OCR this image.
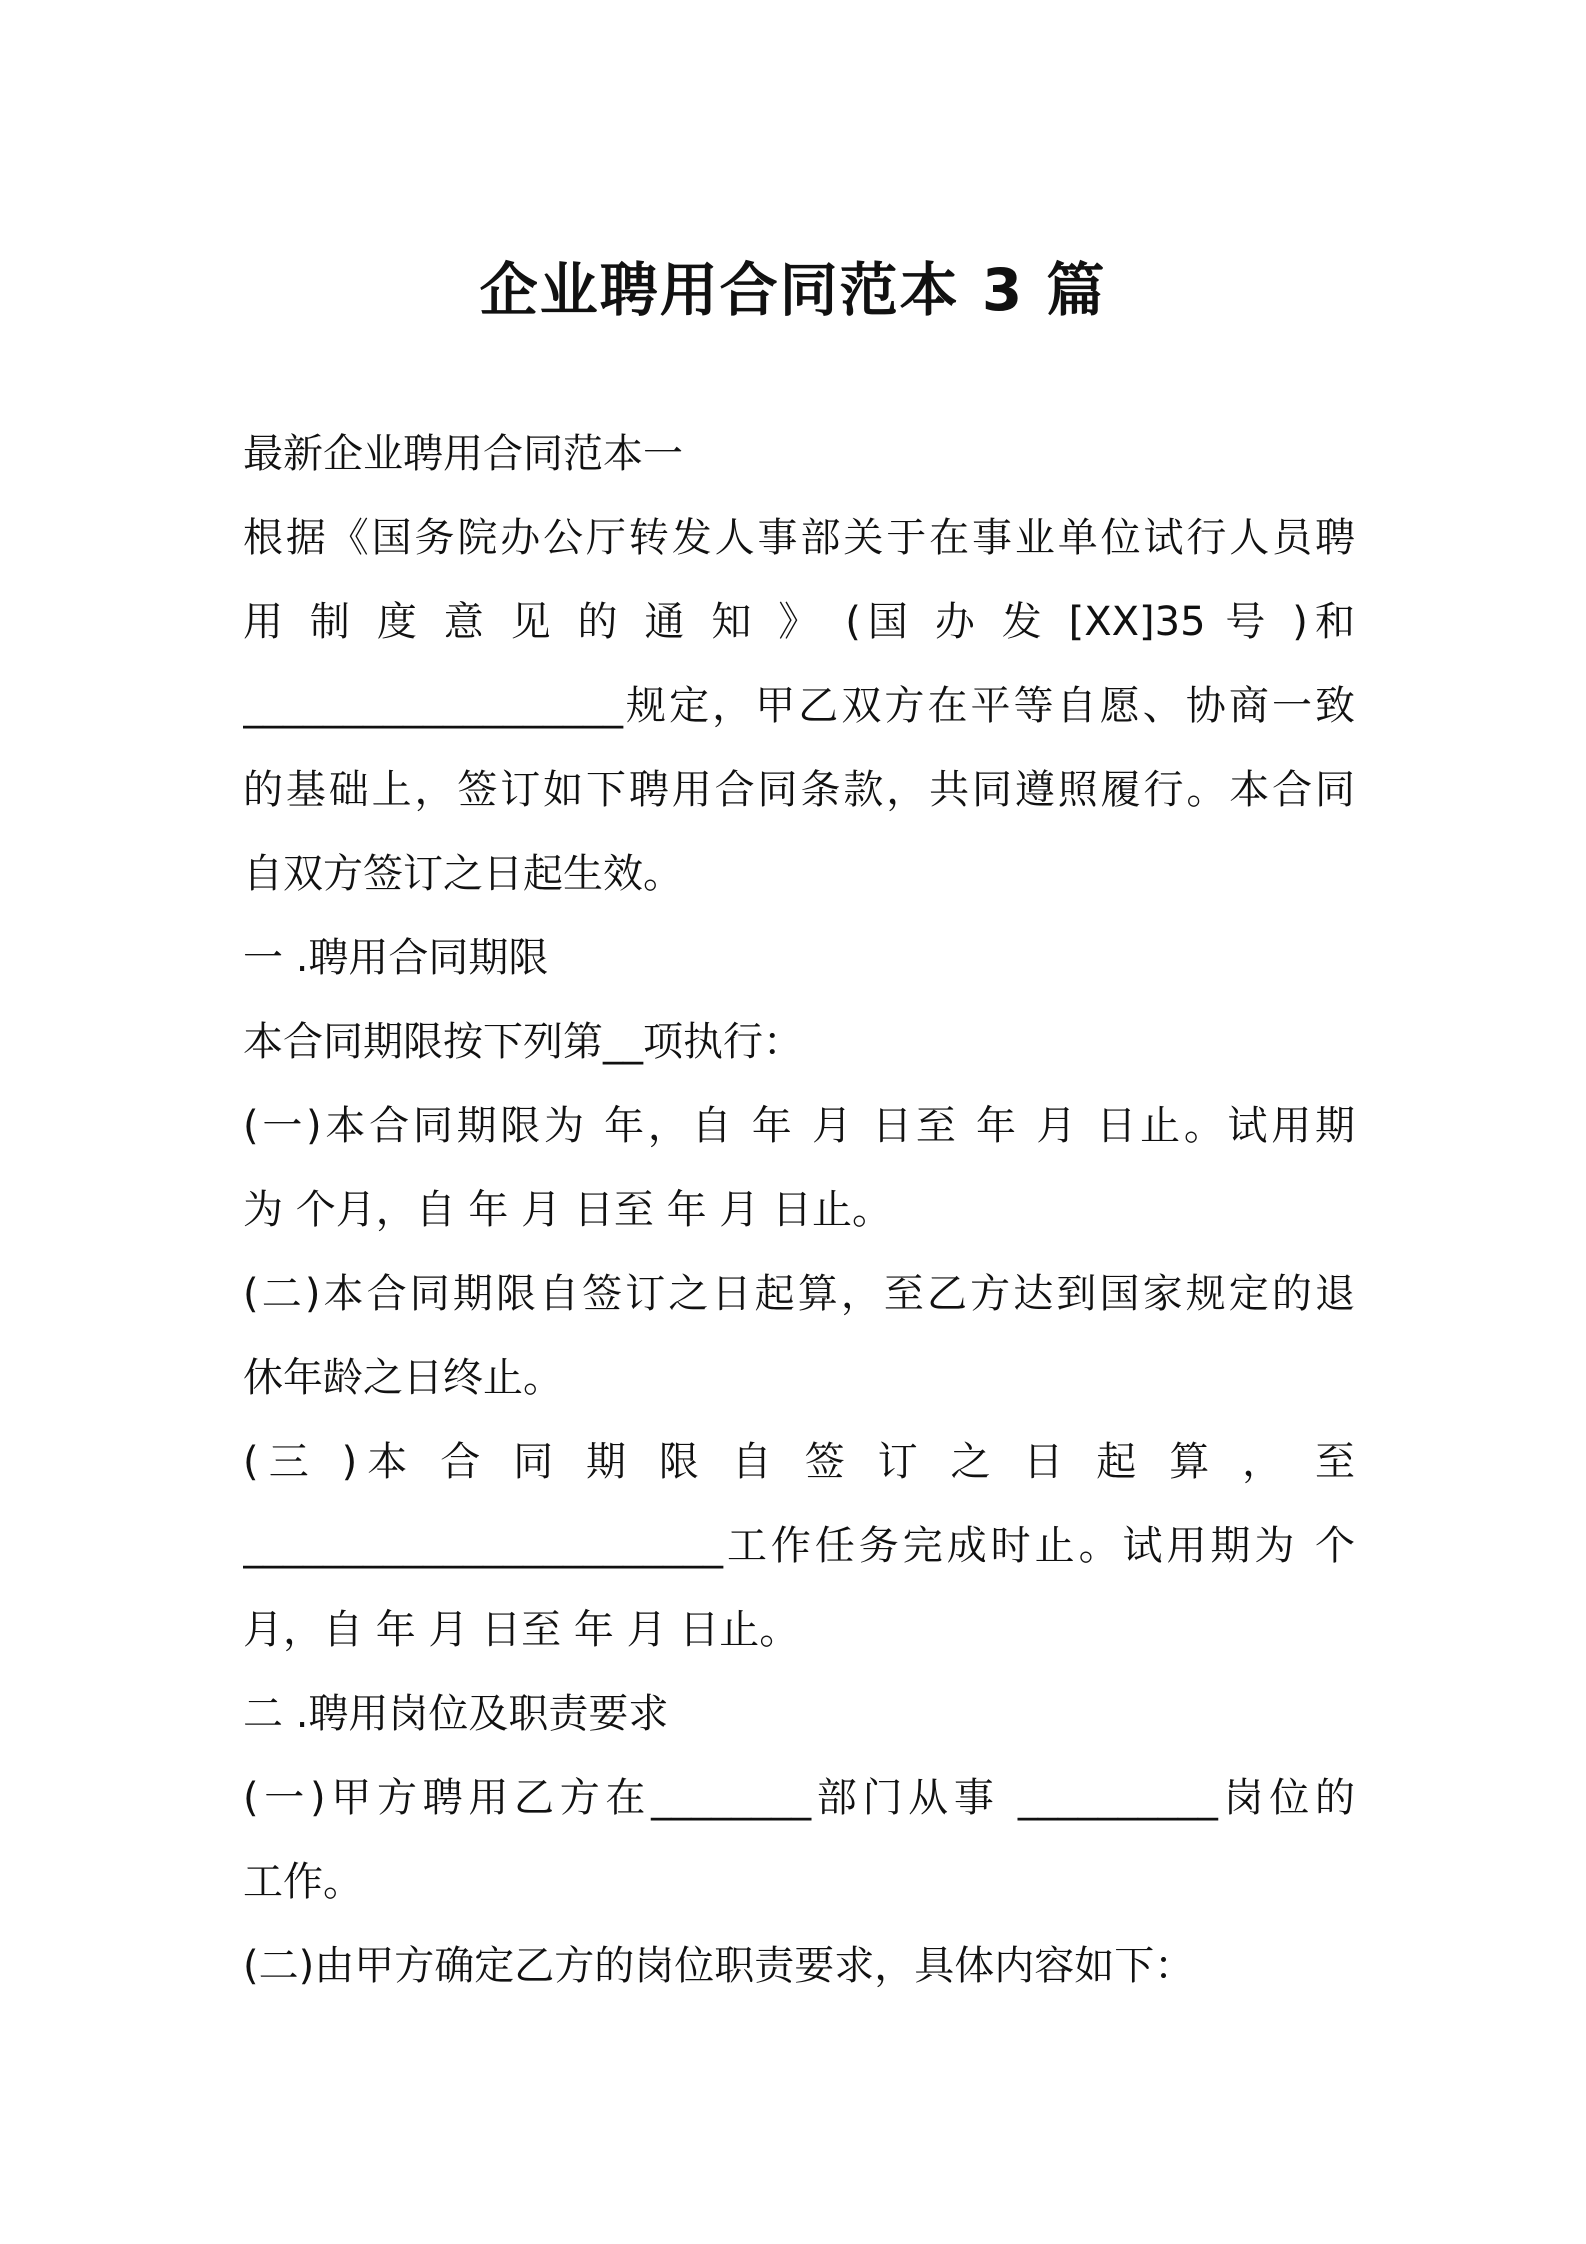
企业聘用合同范本 3 篇
最新企业聘用合同范本一
根据《国务院办公厅转发人事部关于在事业单位试行人员聘
用 制 度 意 见 的 通 知 》 (国 办 发 [XX]35 号 )和
___________________规定，甲乙双方在平等自愿、协商一致
的基础上，签订如下聘用合同条款，共同遵照履行。本合同
自双方签订之日起生效。
一 .聘用合同期限
本合同期限按下列第__项执行：
(一)本合同期限为 年，自 年 月 日至 年 月 日止。试用期
为 个月，自 年 月 日至 年 月 日止。
(二)本合同期限自签订之日起算，至乙方达到国家规定的退
休年龄之日终止。
(三 )本 合 同 期 限 自 签 订 之 日 起 算 ， 至
________________________工作任务完成时止。试用期为 个
月，自 年 月 日至 年 月 日止。
二 .聘用岗位及职责要求
(一)甲方聘用乙方在________部门从事 __________岗位的
工作。
(二)由甲方确定乙方的岗位职责要求，具体内容如下：
